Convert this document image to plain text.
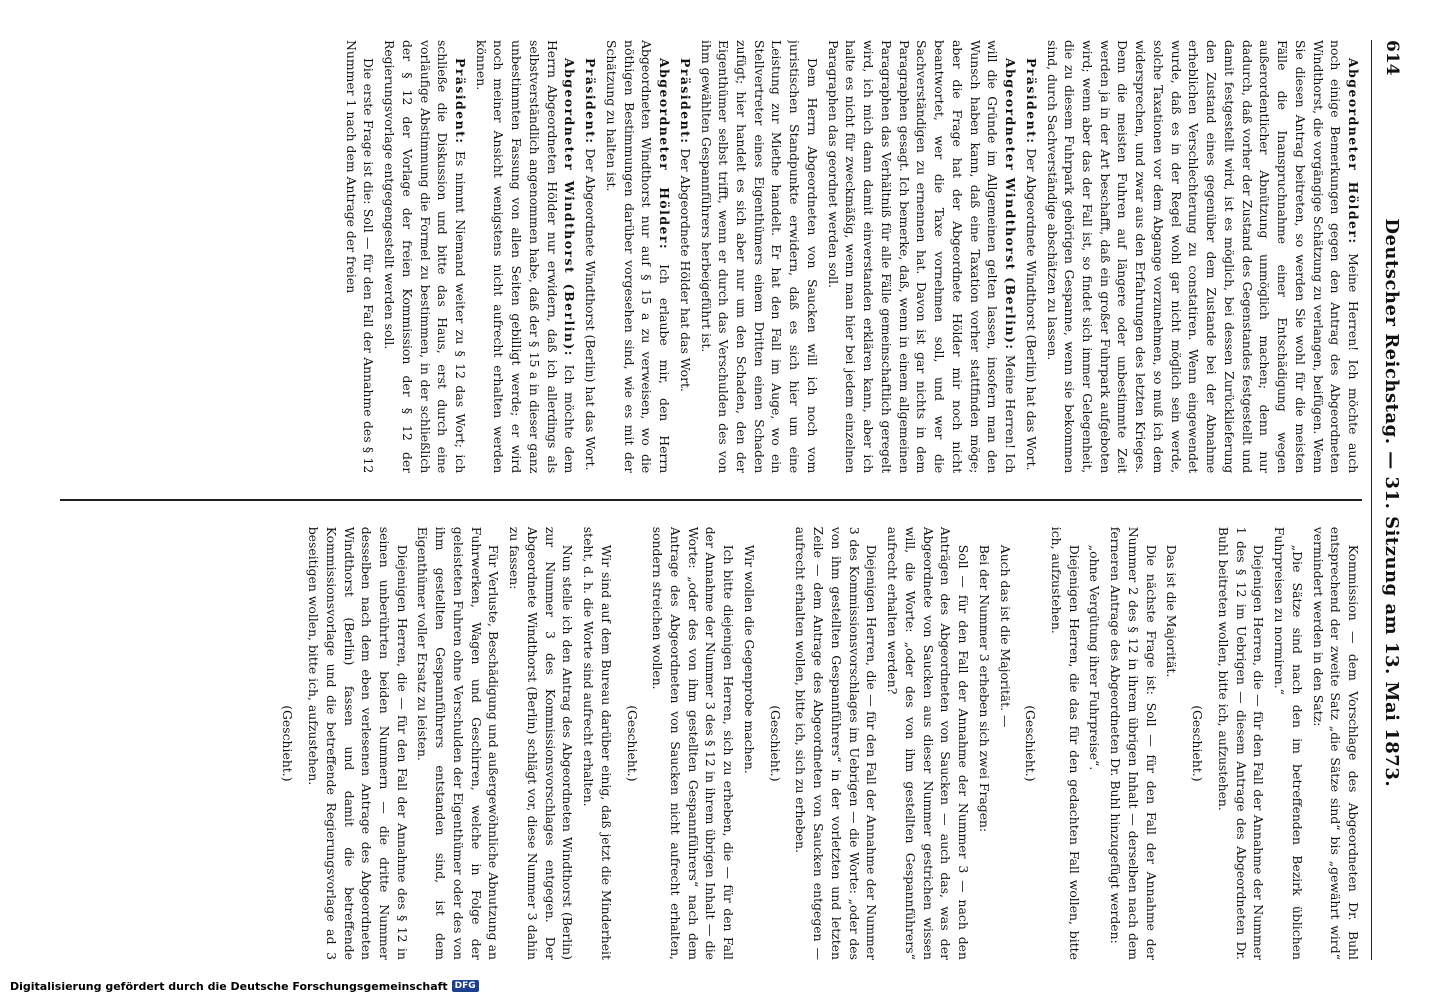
614
Deutscher Reichstag. — 31. Sitzung am 13. Mai 1873.

Abgeordneter Hölder: Meine Herren! Ich möchte auch noch einige Bemerkungen gegen den Antrag des Abgeordneten Windthorst, die vorgängige Schätzung zu verlangen, beifügen. Wenn Sie diesen Antrag beitreten, so werden Sie wohl für die meisten Fälle die Inanspruchnahme einer Entschädigung wegen außerordentlicher Abnützung unmöglich machen; denn nur dadurch, daß vorher der Zustand des Gegenstandes festgestellt und damit festgestellt wird, ist es möglich, bei dessen Zurücklieferung den Zustand eines gegenüber dem Zustande bei der Abnahme erheblichen Verschlechterung zu constatiren. Wenn eingewendet wurde, daß es in der Regel wohl gar nicht möglich sein werde, solche Taxationen vor dem Abgange vorzunehmen, so muß ich dem widersprechen, und zwar aus den Erfahrungen des letzten Krieges. Denn die meisten Fuhren auf längere oder unbestimmte Zeit werden ja in der Art beschafft, daß ein großer Fuhrpark aufgeboten wird; wenn aber das der Fall ist, so findet sich immer Gelegenheit, die zu diesem Fuhrpark gehörigen Gespanne, wenn sie bekommen sind, durch Sachverständige abschätzen zu lassen.

Präsident: Der Abgeordnete Windthorst (Berlin) hat das Wort.

Abgeordneter Windthorst (Berlin): Meine Herren! Ich will die Gründe im Allgemeinen gelten lassen, insofern man den Wunsch haben kann, daß eine Taxation vorher stattfinden möge; aber die Frage hat der Abgeordnete Hölder mir noch nicht beantwortet, wer die Taxe vornehmen soll, und wer die Sachverständigen zu ernennen hat. Davon ist gar nichts in dem Paragraphen gesagt. Ich bemerke, daß, wenn in einem allgemeinen Paragraphen das Verhältniß für alle Fälle gemeinschaftlich geregelt wird, ich mich dann damit einverstanden erklären kann, aber ich halte es nicht für zweckmäßig, wenn man hier bei jedem einzelnen Paragraphen das geordnet werden soll.

Dem Herrn Abgeordneten von Saucken will ich noch vom juristischen Standpunkte erwidern, daß es sich hier um eine Leistung zur Miethe handelt. Er hat den Fall im Auge, wo ein Stellvertreter eines Eigenthümers einem Dritten einen Schaden zufügt; hier handelt es sich aber nur um den Schaden, den der Eigenthümer selbst trifft, wenn er durch das Verschulden des von ihm gewählten Gespannführers herbeigeführt ist.

Präsident: Der Abgeordnete Hölder hat das Wort.

Abgeordneter Hölder: Ich erlaube mir, den Herrn Abgeordneten Windthorst nur auf § 15 a zu verweisen, wo die nöthigen Bestimmungen darüber vorgesehen sind, wie es mit der Schätzung zu halten ist.

Präsident: Der Abgeordnete Windthorst (Berlin) hat das Wort.

Abgeordneter Windthorst (Berlin): Ich möchte dem Herrn Abgeordneten Hölder nur erwidern, daß ich allerdings als selbstverständlich angenommen habe, daß der § 15 a in dieser ganz unbestimmten Fassung von allen Seiten gebilligt werde; er wird noch meiner Ansicht wenigstens nicht aufrecht erhalten werden können.

Präsident: Es nimmt Niemand weiter zu § 12 das Wort; ich schließe die Diskussion und bitte das Haus, erst durch eine vorläufige Abstimmung die Formel zu bestimmen, in der schließlich der § 12 der Vorlage der freien Kommission der § 12 der Regierungsvorlage entgegengestellt werden soll.

Die erste Frage ist die: Soll — für den Fall der Annahme des § 12 Nummer 1 nach dem Antrage der freien

Kommission — dem Vorschlage des Abgeordneten Dr. Buhl entsprechend der zweite Satz „die Sätze sind“ bis „gewährt wird“ vermindert werden in den Satz:

„Die Sätze sind nach den im betreffenden Bezirk üblichen Fuhrpreisen zu normiren.“

Diejenigen Herren, die — für den Fall der Annahme der Nummer 1 des § 12 im Uebrigen — diesem Antrage des Abgeordneten Dr. Buhl beitreten wollen, bitte ich, aufzustehen.

(Geschieht.)

Das ist die Majorität.

Die nächste Frage ist: Soll — für den Fall der Annahme der Nummer 2 des § 12 in ihrem übrigen Inhalt — derselben nach dem ferneren Antrage des Abgeordneten Dr. Buhl hinzugefügt werden:

„ohne Vergütung ihrer Fuhrpreise“.

Diejenigen Herren, die das für den gedachten Fall wollen, bitte ich, aufzustehen.

(Geschieht.)

Auch das ist die Majorität. —

Bei der Nummer 3 erheben sich zwei Fragen:

Soll — für den Fall der Annahme der Nummer 3 — nach den Anträgen des Abgeordneten von Saucken — auch das, was der Abgeordnete von Saucken aus dieser Nummer gestrichen wissen will, die Worte: „oder des von ihm gestellten Gespannführers“ aufrecht erhalten werden?

Diejenigen Herren, die — für den Fall der Annahme der Nummer 3 des Kommissionsvorschlages im Uebrigen — die Worte: „oder des von ihm gestellten Gespannführers“ in der vorletzten und letzten Zeile — dem Antrage des Abgeordneten von Saucken entgegen — aufrecht erhalten wollen, bitte ich, sich zu erheben.

(Geschieht.)

Wir wollen die Gegenprobe machen.

Ich bitte diejenigen Herren, sich zu erheben, die — für den Fall der Annahme der Nummer 3 des § 12 in ihrem übrigen Inhalt — die Worte: „oder des von ihm gestellten Gespannführers“ nach dem Antrage des Abgeordneten von Saucken nicht aufrecht erhalten, sondern streichen wollen.

(Geschieht.)

Wir sind auf dem Bureau darüber einig, daß jetzt die Minderheit steht, d. h. die Worte sind aufrecht erhalten.

Nun stelle ich den Antrag des Abgeordneten Windthorst (Berlin) zur Nummer 3 des Kommissionsvorschlages entgegen. Der Abgeordnete Windthorst (Berlin) schlägt vor, diese Nummer 3 dahin zu fassen:

Für Verluste, Beschädigung und außergewöhnliche Abnutzung an Fuhrwerken, Wagen und Geschirren, welche in Folge der geleisteten Fuhren ohne Verschulden der Eigenthümer oder des von ihm gestellten Gespannführers entstanden sind, ist dem Eigenthümer voller Ersatz zu leisten.

Diejenigen Herren, die — für den Fall der Annahme des § 12 in seinen unberührten beiden Nummern — die dritte Nummer desselben nach dem eben verlesenen Antrage des Abgeordneten Windthorst (Berlin) fassen und damit die betreffende Kommissionsvorlage und die betreffende Regierungsvorlage ad 3 beseitigen wollen, bitte ich, aufzustehen.

(Geschieht.)

Digitalisierung gefördert durch die Deutsche Forschungsgemeinschaft DFG
